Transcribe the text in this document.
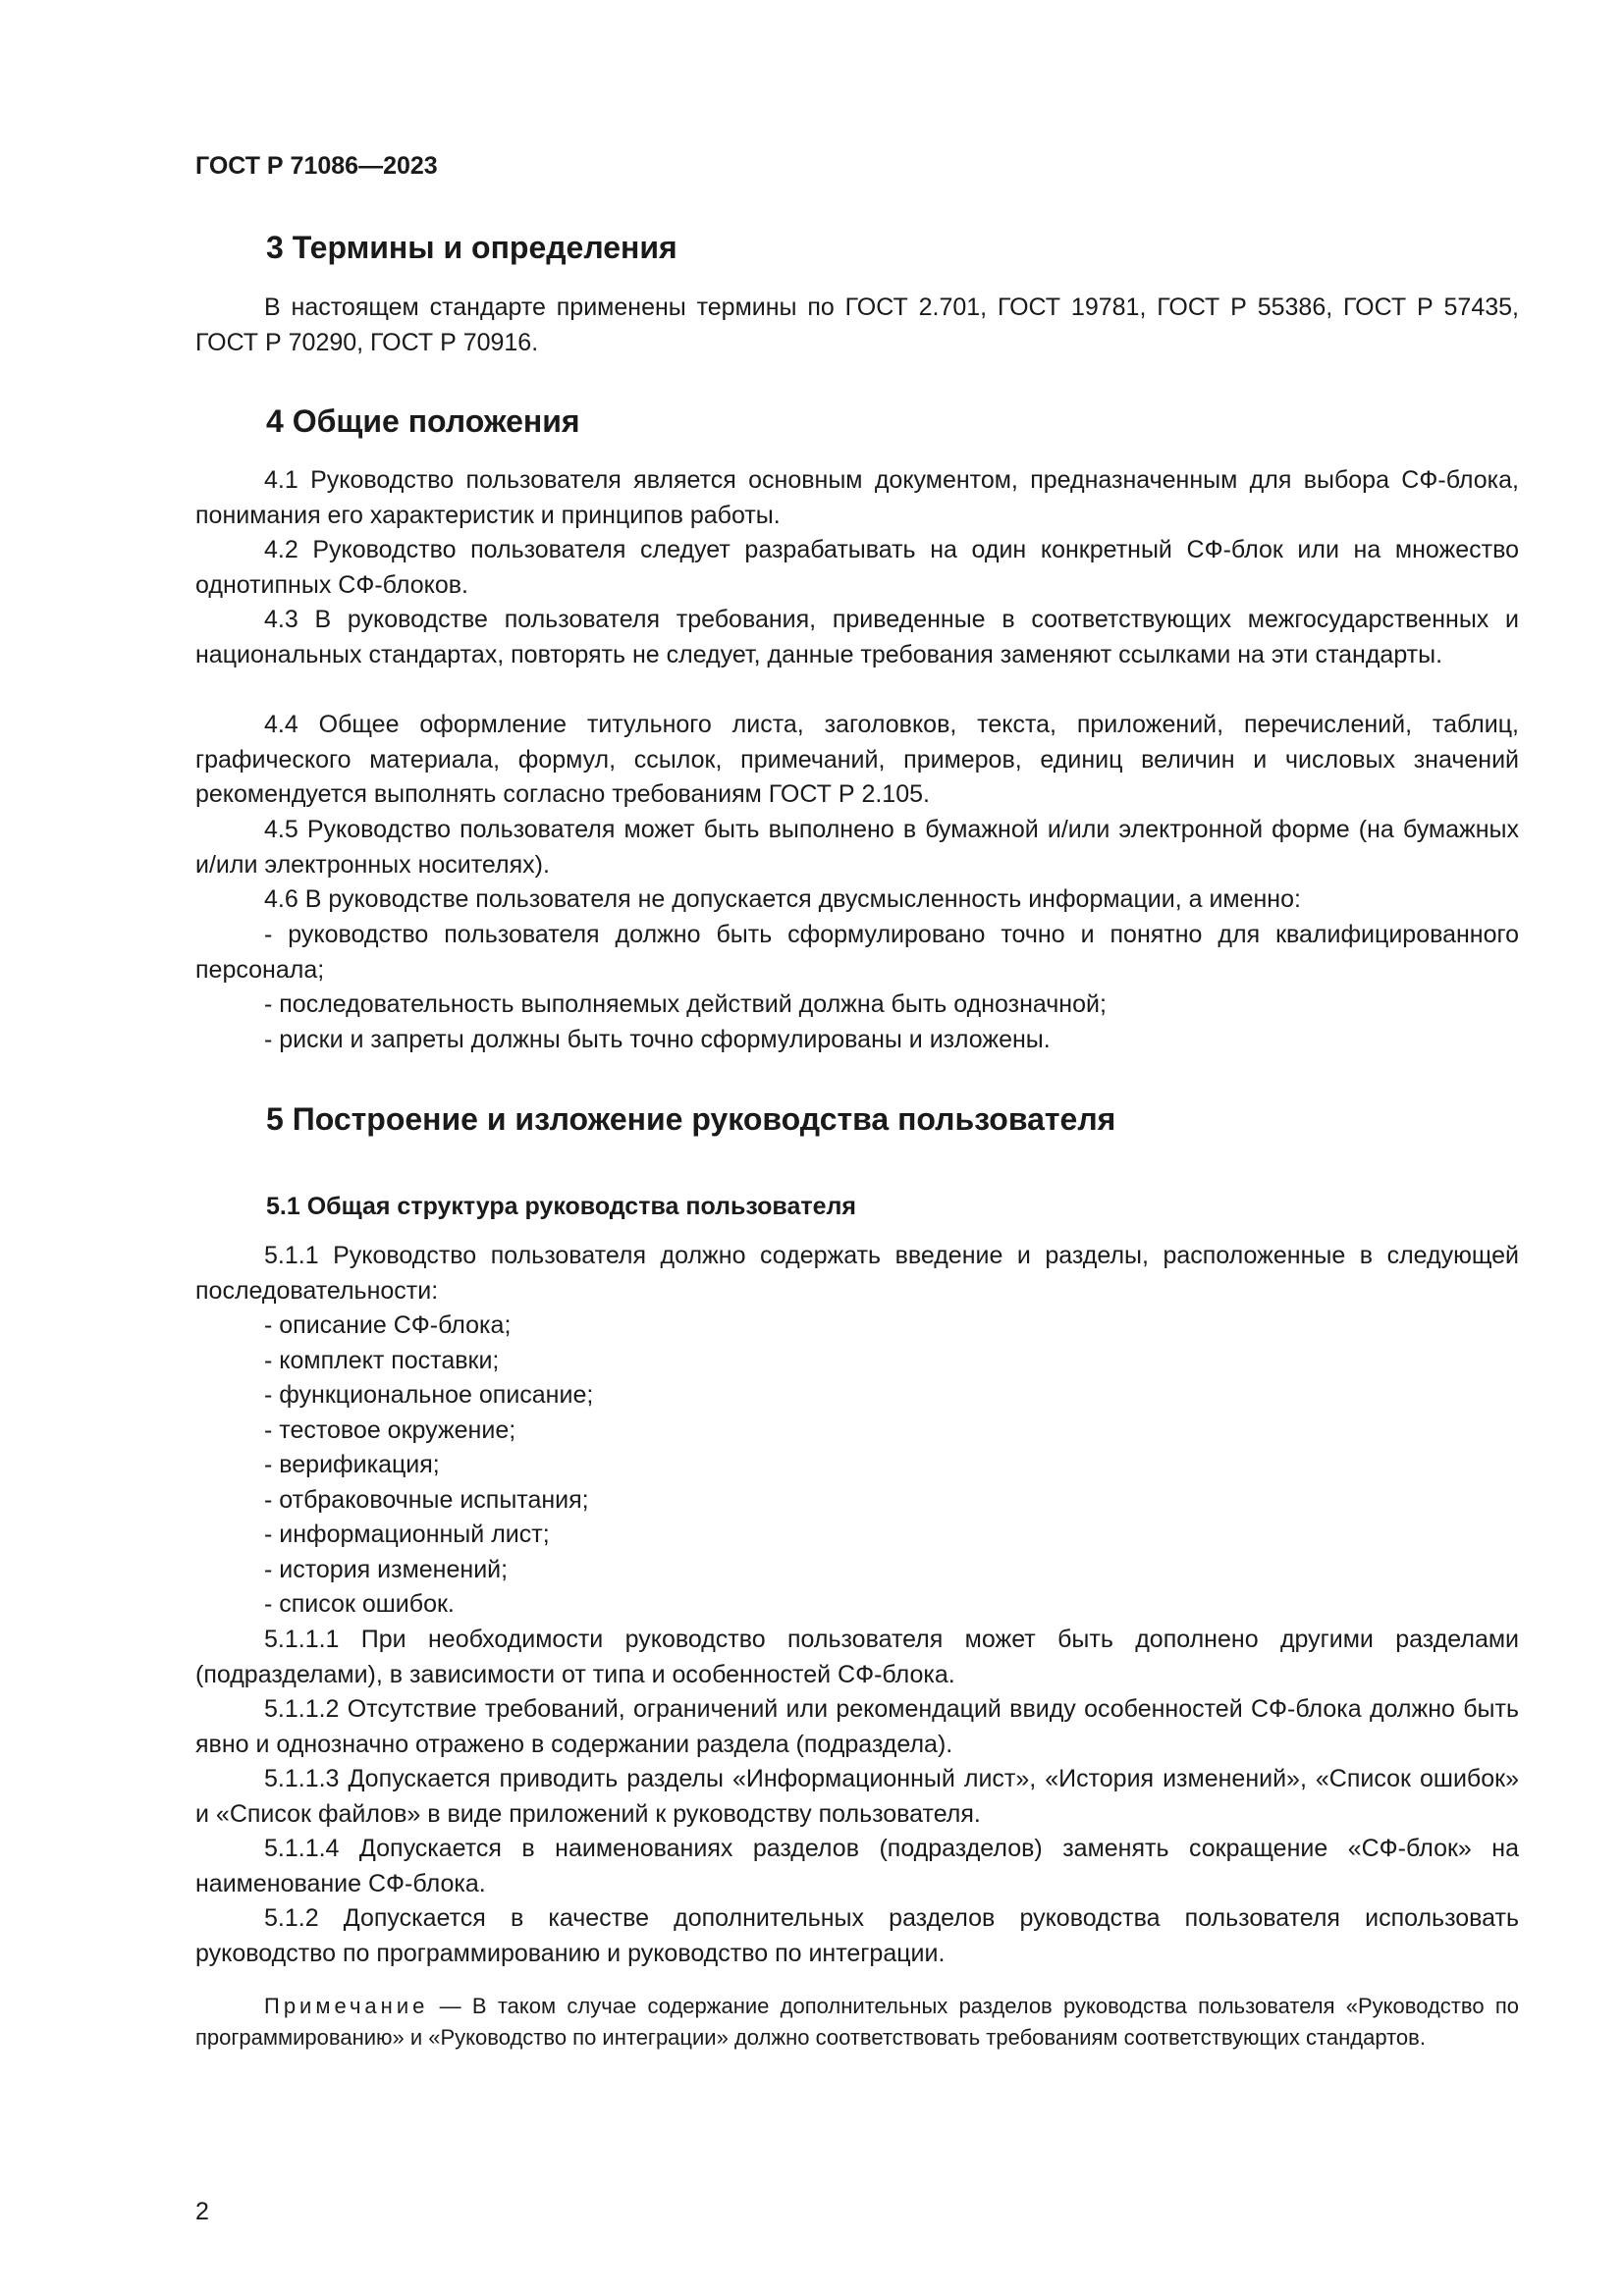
ГОСТ Р 71086—2023
3 Термины и определения

В настоящем стандарте применены термины по ГОСТ 2.701, ГОСТ 19781, ГОСТ Р 55386, ГОСТ Р 57435, ГОСТ Р 70290, ГОСТ Р 70916.

4 Общие положения

4.1 Руководство пользователя является основным документом, предназначенным для выбора СФ-блока, понимания его характеристик и принципов работы.

4.2 Руководство пользователя следует разрабатывать на один конкретный СФ-блок или на множество однотипных СФ-блоков.

4.3 В руководстве пользователя требования, приведенные в соответствующих межгосударственных и национальных стандартах, повторять не следует, данные требования заменяют ссылками на эти стандарты.

4.4 Общее оформление титульного листа, заголовков, текста, приложений, перечислений, таблиц, графического материала, формул, ссылок, примечаний, примеров, единиц величин и числовых значений рекомендуется выполнять согласно требованиям ГОСТ Р 2.105.

4.5 Руководство пользователя может быть выполнено в бумажной и/или электронной форме (на бумажных и/или электронных носителях).

4.6 В руководстве пользователя не допускается двусмысленность информации, а именно:

- руководство пользователя должно быть сформулировано точно и понятно для квалифицированного персонала;

- последовательность выполняемых действий должна быть однозначной;

- риски и запреты должны быть точно сформулированы и изложены.

5 Построение и изложение руководства пользователя
5.1 Общая структура руководства пользователя

5.1.1 Руководство пользователя должно содержать введение и разделы, расположенные в следующей последовательности:

- описание СФ-блока;

- комплект поставки;

- функциональное описание;

- тестовое окружение;

- верификация;

- отбраковочные испытания;

- информационный лист;

- история изменений;

- список ошибок.

5.1.1.1 При необходимости руководство пользователя может быть дополнено другими разделами (подразделами), в зависимости от типа и особенностей СФ-блока.

5.1.1.2 Отсутствие требований, ограничений или рекомендаций ввиду особенностей СФ-блока должно быть явно и однозначно отражено в содержании раздела (подраздела).

5.1.1.3 Допускается приводить разделы «Информационный лист», «История изменений», «Список ошибок» и «Список файлов» в виде приложений к руководству пользователя.

5.1.1.4 Допускается в наименованиях разделов (подразделов) заменять сокращение «СФ-блок» на наименование СФ-блока.

5.1.2 Допускается в качестве дополнительных разделов руководства пользователя использовать руководство по программированию и руководство по интеграции.

Примечание — В таком случае содержание дополнительных разделов руководства пользователя «Руководство по программированию» и «Руководство по интеграции» должно соответствовать требованиям соответствующих стандартов.

2
